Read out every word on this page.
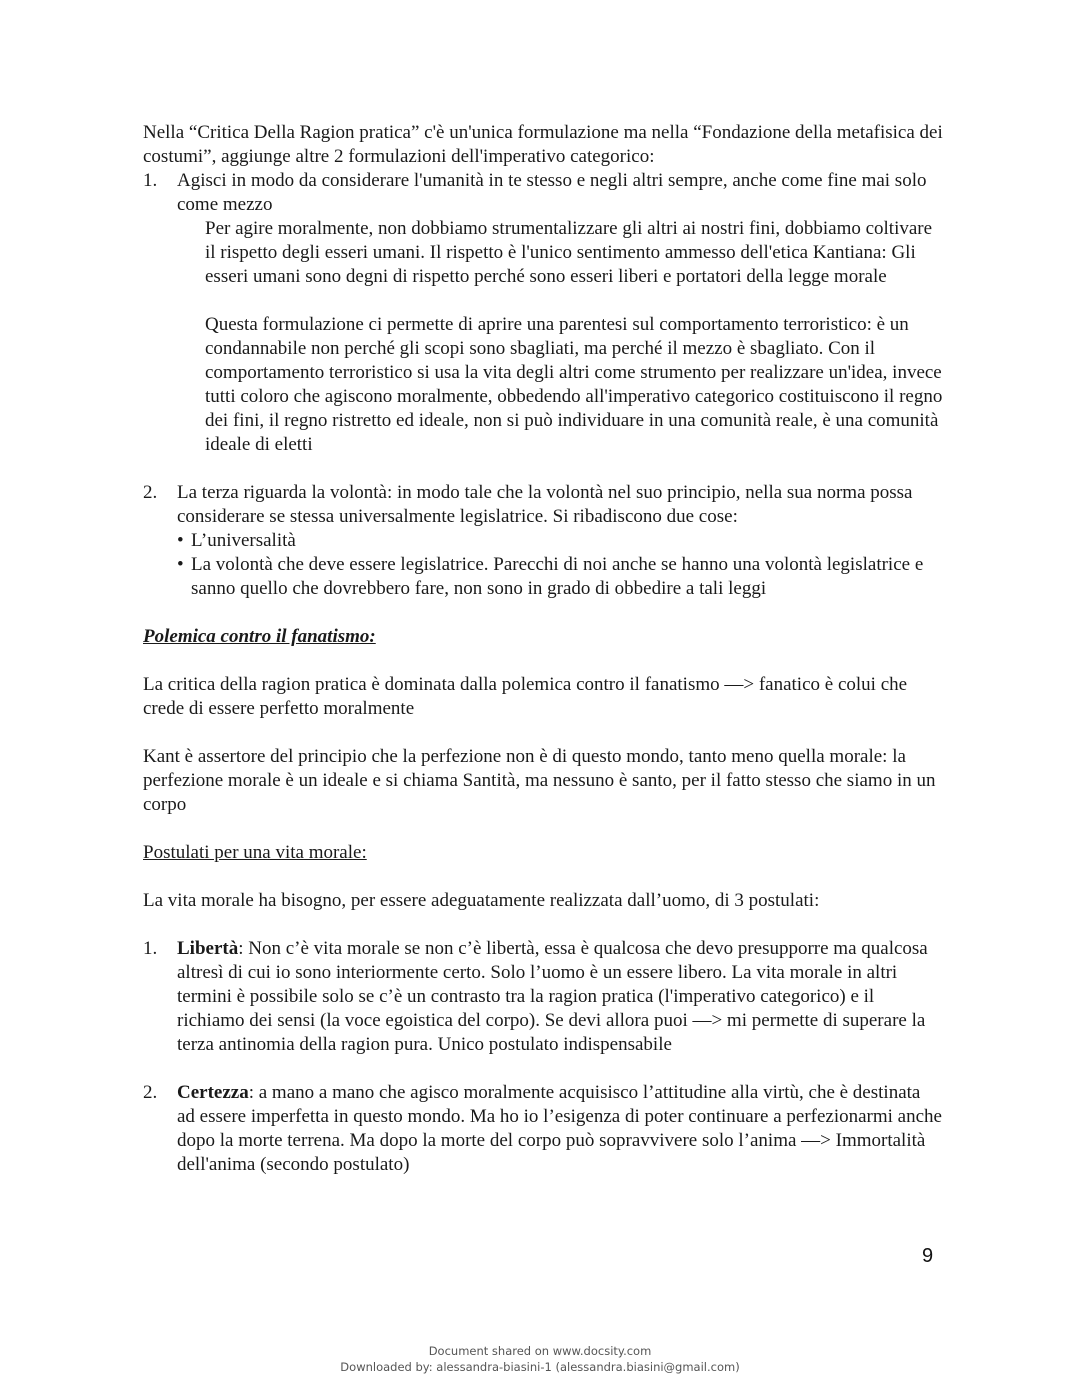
Nella “Critica Della Ragion pratica” c'è un'unica formulazione ma nella “Fondazione della metafisica dei costumi”, aggiunge altre 2 formulazioni dell'imperativo categorico:

1.	Agisci in modo da considerare l'umanità in te stesso e negli altri sempre, anche come fine mai solo come mezzo

Per agire moralmente, non dobbiamo strumentalizzare gli altri ai nostri fini, dobbiamo coltivare il rispetto degli esseri umani. Il rispetto è l'unico sentimento ammesso dell'etica Kantiana: Gli esseri umani sono degni di rispetto perché sono esseri liberi e portatori della legge morale

Questa formulazione ci permette di aprire una parentesi sul comportamento terroristico: è un condannabile non perché gli scopi sono sbagliati, ma perché il mezzo è sbagliato. Con il comportamento terroristico si usa la vita degli altri come strumento per realizzare un'idea, invece tutti coloro che agiscono moralmente, obbedendo all'imperativo categorico costituiscono il regno dei fini, il regno ristretto ed ideale, non si può individuare in una comunità reale, è una comunità ideale di eletti

2.	La terza riguarda la volontà: in modo tale che la volontà nel suo principio, nella sua norma possa considerare se stessa universalmente legislatrice. Si ribadiscono due cose:

• L’universalità
• La volontà che deve essere legislatrice. Parecchi di noi anche se hanno una volontà legislatrice e sanno quello che dovrebbero fare, non sono in grado di obbedire a tali leggi

Polemica contro il fanatismo:

La critica della ragion pratica è dominata dalla polemica contro il fanatismo —> fanatico è colui che crede di essere perfetto moralmente

Kant è assertore del principio che la perfezione non è di questo mondo, tanto meno quella morale: la perfezione morale è un ideale e si chiama Santità, ma nessuno è santo, per il fatto stesso che siamo in un corpo

Postulati per una vita morale:

La vita morale ha bisogno, per essere adeguatamente realizzata dall’uomo, di 3 postulati:

1.	Libertà: Non c’è vita morale se non c’è libertà, essa è qualcosa che devo presupporre ma qualcosa altresì di cui io sono interiormente certo. Solo l’uomo è un essere libero. La vita morale in altri termini è possibile solo se c’è un contrasto tra la ragion pratica (l'imperativo categorico) e il richiamo dei sensi (la voce egoistica del corpo). Se devi allora puoi —> mi permette di superare la terza antinomia della ragion pura. Unico postulato indispensabile

2.	Certezza: a mano a mano che agisco moralmente acquisisco l’attitudine alla virtù, che è destinata ad essere imperfetta in questo mondo. Ma ho io l’esigenza di poter continuare a perfezionarmi anche dopo la morte terrena. Ma dopo la morte del corpo può sopravvivere solo l’anima —> Immortalità dell'anima (secondo postulato)

9
Document shared on www.docsity.com
Downloaded by: alessandra-biasini-1 (alessandra.biasini@gmail.com)
